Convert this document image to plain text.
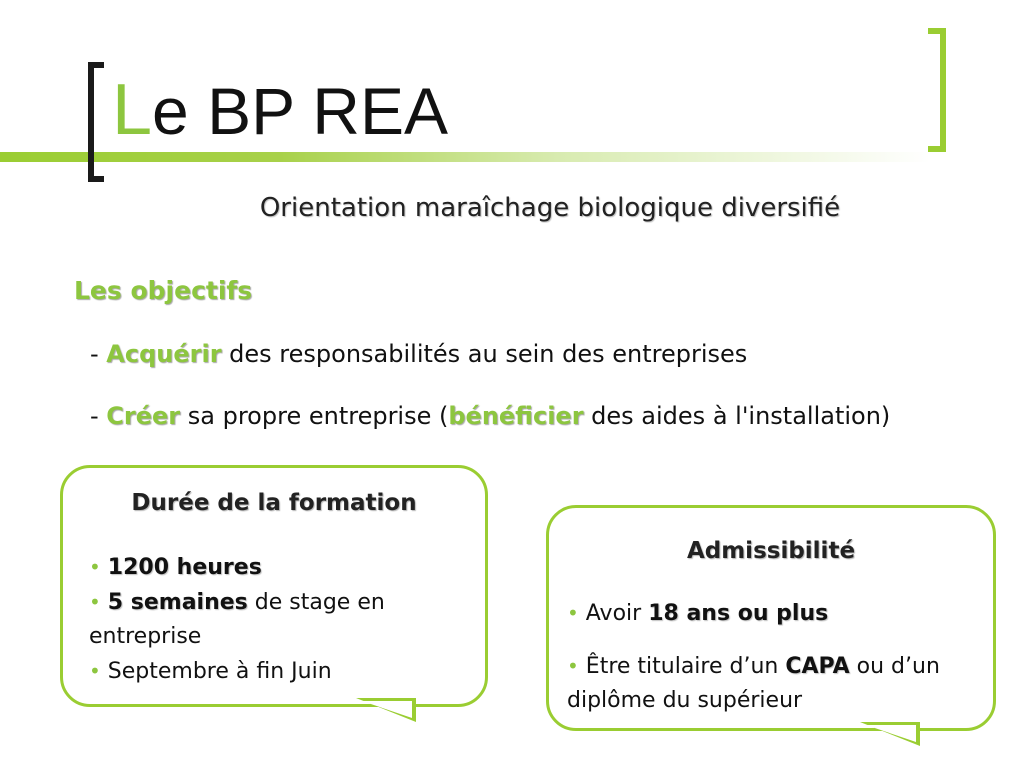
Le BP REA
Orientation maraîchage biologique diversifié
Les objectifs
- Acquérir des responsabilités au sein des entreprises
- Créer sa propre entreprise (bénéficier des aides à l'installation)
Durée de la formation
• 1200 heures
• 5 semaines de stage en entreprise
• Septembre à fin Juin
Admissibilité
• Avoir 18 ans ou plus
• Être titulaire d’un CAPA ou d’un diplôme du supérieur
